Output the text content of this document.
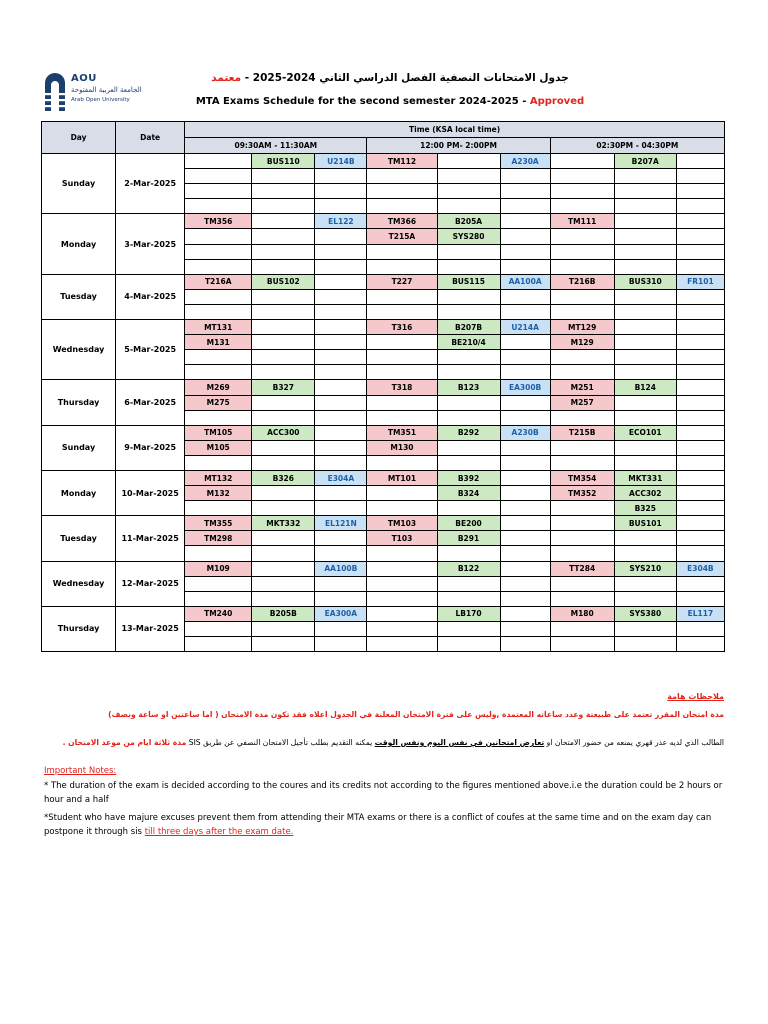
AOU
الجامعة العربية المفتوحة
Arab Open University
جدول الامتحانات النصفية الفصل الدراسي الثاني 2024-2025 - معتمد
MTA Exams Schedule for the second semester 2024-2025 - Approved
Day	Date	Time (KSA local time)								
		09:30AM - 11:30AM			12:00 PM- 2:00PM			02:30PM - 04:30PM		
Sunday	2-Mar-2025		BUS110	U214B	TM112		A230A		B207A	

Monday	3-Mar-2025	TM356		EL122	TM366	B205A		TM111		
					T215A	SYS280				

Tuesday	4-Mar-2025	T216A	BUS102		T227	BUS115	AA100A	T216B	BUS310	FR101

Wednesday	5-Mar-2025	MT131			T316	B207B	U214A	MT129		
		M131				BE210/4		M129		

Thursday	6-Mar-2025	M269	B327		T318	B123	EA300B	M251	B124	
		M275						M257		

Sunday	9-Mar-2025	TM105	ACC300		TM351	B292	A230B	T215B	ECO101	
		M105			M130					

Monday	10-Mar-2025	MT132	B326	E304A	MT101	B392		TM354	MKT331	
		M132				B324		TM352	ACC302	
									B325	
Tuesday	11-Mar-2025	TM355	MKT332	EL121N	TM103	BE200			BUS101	
		TM298			T103	B291				

Wednesday	12-Mar-2025	M109		AA100B		B122		TT284	SYS210	E304B

Thursday	13-Mar-2025	TM240	B205B	EA300A		LB170		M180	SYS380	EL117

ملاحظات هامة
مدة امتحان المقرر تعتمد على طبيعتة وعدد ساعاته المعتمدة ,وليس على فترة الامتحان المعلنة في الجدول اعلاه فقد تكون مدة الامتحان ( اما ساعتين او ساعة ونصف)
الطالب الذي لديه عذر قهري يمنعه من حضور الامتحان او تعارض امتحانين في نفس اليوم ونفس الوقت يمكنه التقديم بطلب تأجيل الامتحان النصفي عن طريق SIS مدة ثلاثة ايام من موعد الامتحان .
Important Notes:
* The duration of the exam is decided according to the coures and its credits not according to the figures mentioned above.i.e the duration could be 2 hours or hour and a half
*Student who have majure excuses prevent them from attending their MTA exams or there is a conflict of coufes at the same time and on the exam day can postpone it through sis till three days after the exam date.
